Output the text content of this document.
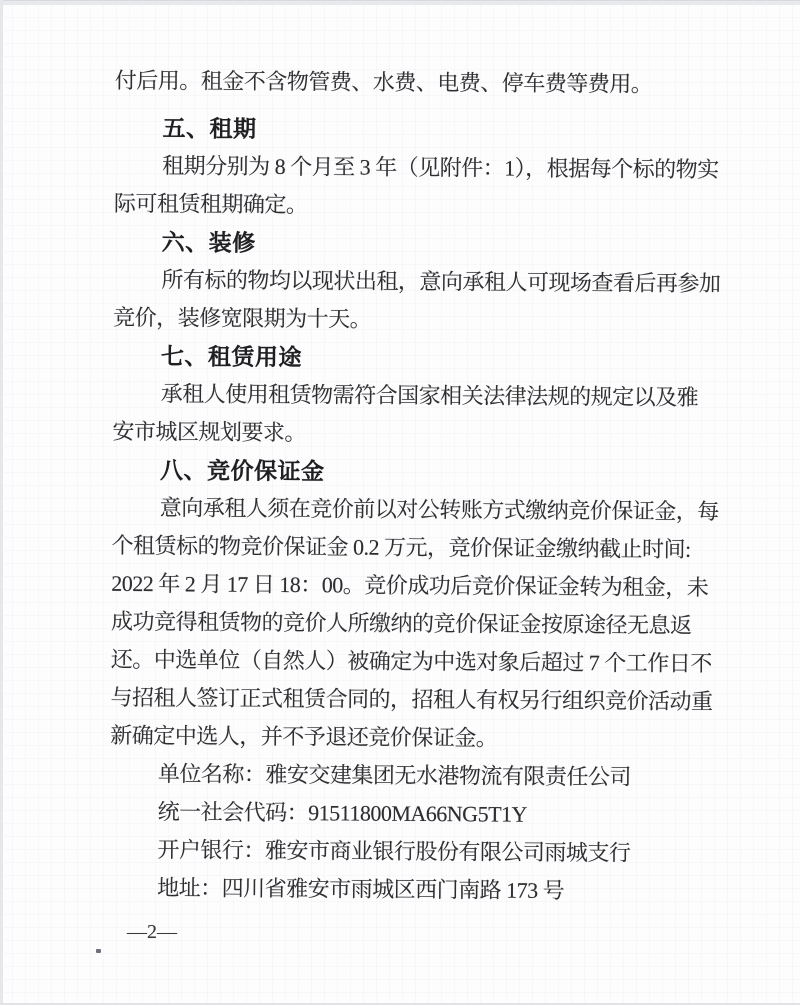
付后用。租金不含物管费、水费、电费、停车费等费用。
五、租期
租期分别为 8 个月至 3 年（见附件：1），根据每个标的物实
际可租赁租期确定。
六、装修
所有标的物均以现状出租，意向承租人可现场查看后再参加
竞价，装修宽限期为十天。
七、租赁用途
承租人使用租赁物需符合国家相关法律法规的规定以及雅
安市城区规划要求。
八、竞价保证金
意向承租人须在竞价前以对公转账方式缴纳竞价保证金，每
个租赁标的物竞价保证金 0.2 万元，竞价保证金缴纳截止时间:
2022 年 2 月 17 日 18：00。竞价成功后竞价保证金转为租金，未
成功竞得租赁物的竞价人所缴纳的竞价保证金按原途径无息返
还。中选单位（自然人）被确定为中选对象后超过 7 个工作日不
与招租人签订正式租赁合同的，招租人有权另行组织竞价活动重
新确定中选人，并不予退还竞价保证金。
单位名称：雅安交建集团无水港物流有限责任公司
统一社会代码：91511800MA66NG5T1Y
开户银行：雅安市商业银行股份有限公司雨城支行
地址：四川省雅安市雨城区西门南路 173 号
—2—
